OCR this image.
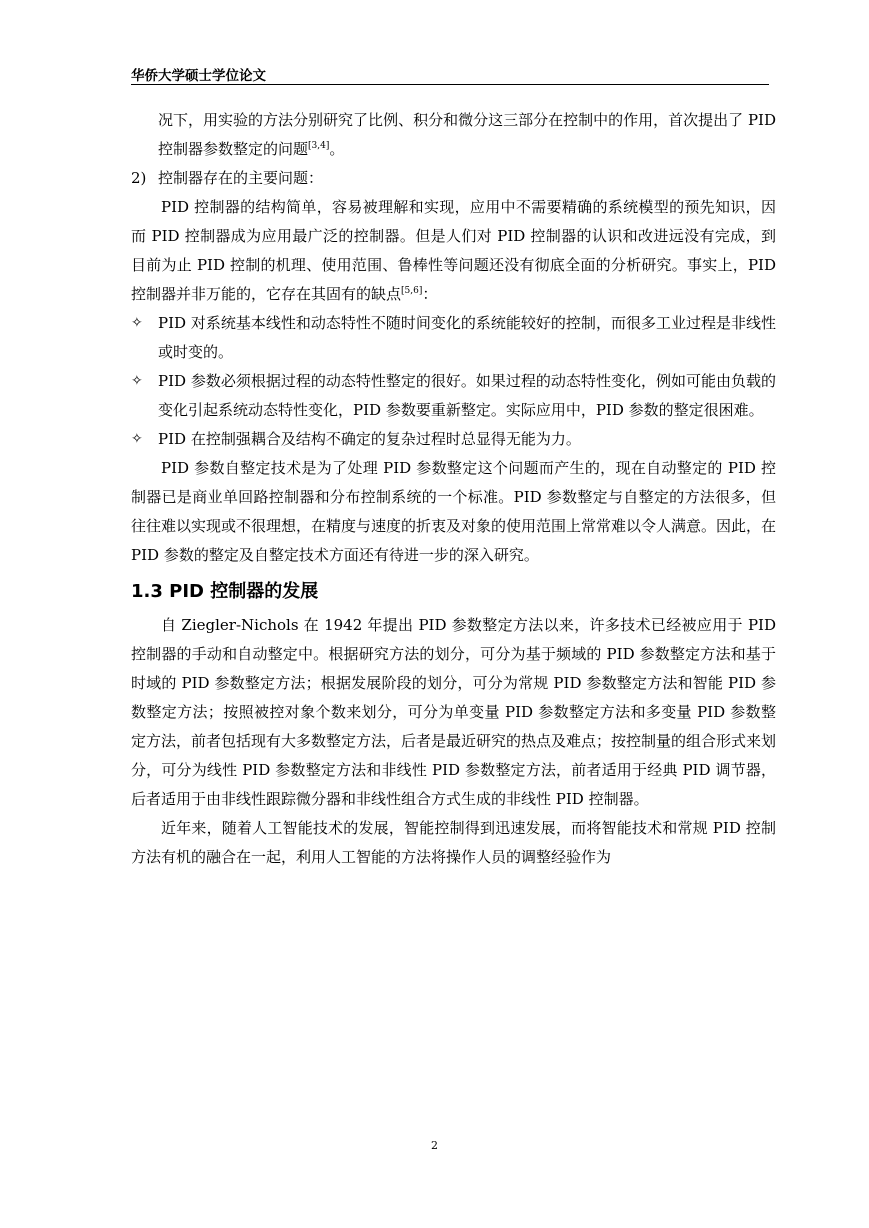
华侨大学硕士学位论文

况下，用实验的方法分别研究了比例、积分和微分这三部分在控制中的作用，首次提出了 PID 控制器参数整定的问题[3,4]。

2) 控制器存在的主要问题：

PID 控制器的结构简单，容易被理解和实现，应用中不需要精确的系统模型的预先知识，因而 PID 控制器成为应用最广泛的控制器。但是人们对 PID 控制器的认识和改进远没有完成，到目前为止 PID 控制的机理、使用范围、鲁棒性等问题还没有彻底全面的分析研究。事实上，PID 控制器并非万能的，它存在其固有的缺点[5,6]：

✧ PID 对系统基本线性和动态特性不随时间变化的系统能较好的控制，而很多工业过程是非线性或时变的。

✧ PID 参数必须根据过程的动态特性整定的很好。如果过程的动态特性变化，例如可能由负载的变化引起系统动态特性变化，PID 参数要重新整定。实际应用中，PID 参数的整定很困难。

✧ PID 在控制强耦合及结构不确定的复杂过程时总显得无能为力。

PID 参数自整定技术是为了处理 PID 参数整定这个问题而产生的，现在自动整定的 PID 控制器已是商业单回路控制器和分布控制系统的一个标准。PID 参数整定与自整定的方法很多，但往往难以实现或不很理想，在精度与速度的折衷及对象的使用范围上常常难以令人满意。因此，在 PID 参数的整定及自整定技术方面还有待进一步的深入研究。

1.3 PID 控制器的发展

自 Ziegler-Nichols 在 1942 年提出 PID 参数整定方法以来，许多技术已经被应用于 PID 控制器的手动和自动整定中。根据研究方法的划分，可分为基于频域的 PID 参数整定方法和基于时域的 PID 参数整定方法；根据发展阶段的划分，可分为常规 PID 参数整定方法和智能 PID 参数整定方法；按照被控对象个数来划分，可分为单变量 PID 参数整定方法和多变量 PID 参数整定方法，前者包括现有大多数整定方法，后者是最近研究的热点及难点；按控制量的组合形式来划分，可分为线性 PID 参数整定方法和非线性 PID 参数整定方法，前者适用于经典 PID 调节器，后者适用于由非线性跟踪微分器和非线性组合方式生成的非线性 PID 控制器。

近年来，随着人工智能技术的发展，智能控制得到迅速发展，而将智能技术和常规 PID 控制方法有机的融合在一起，利用人工智能的方法将操作人员的调整经验作为

2
